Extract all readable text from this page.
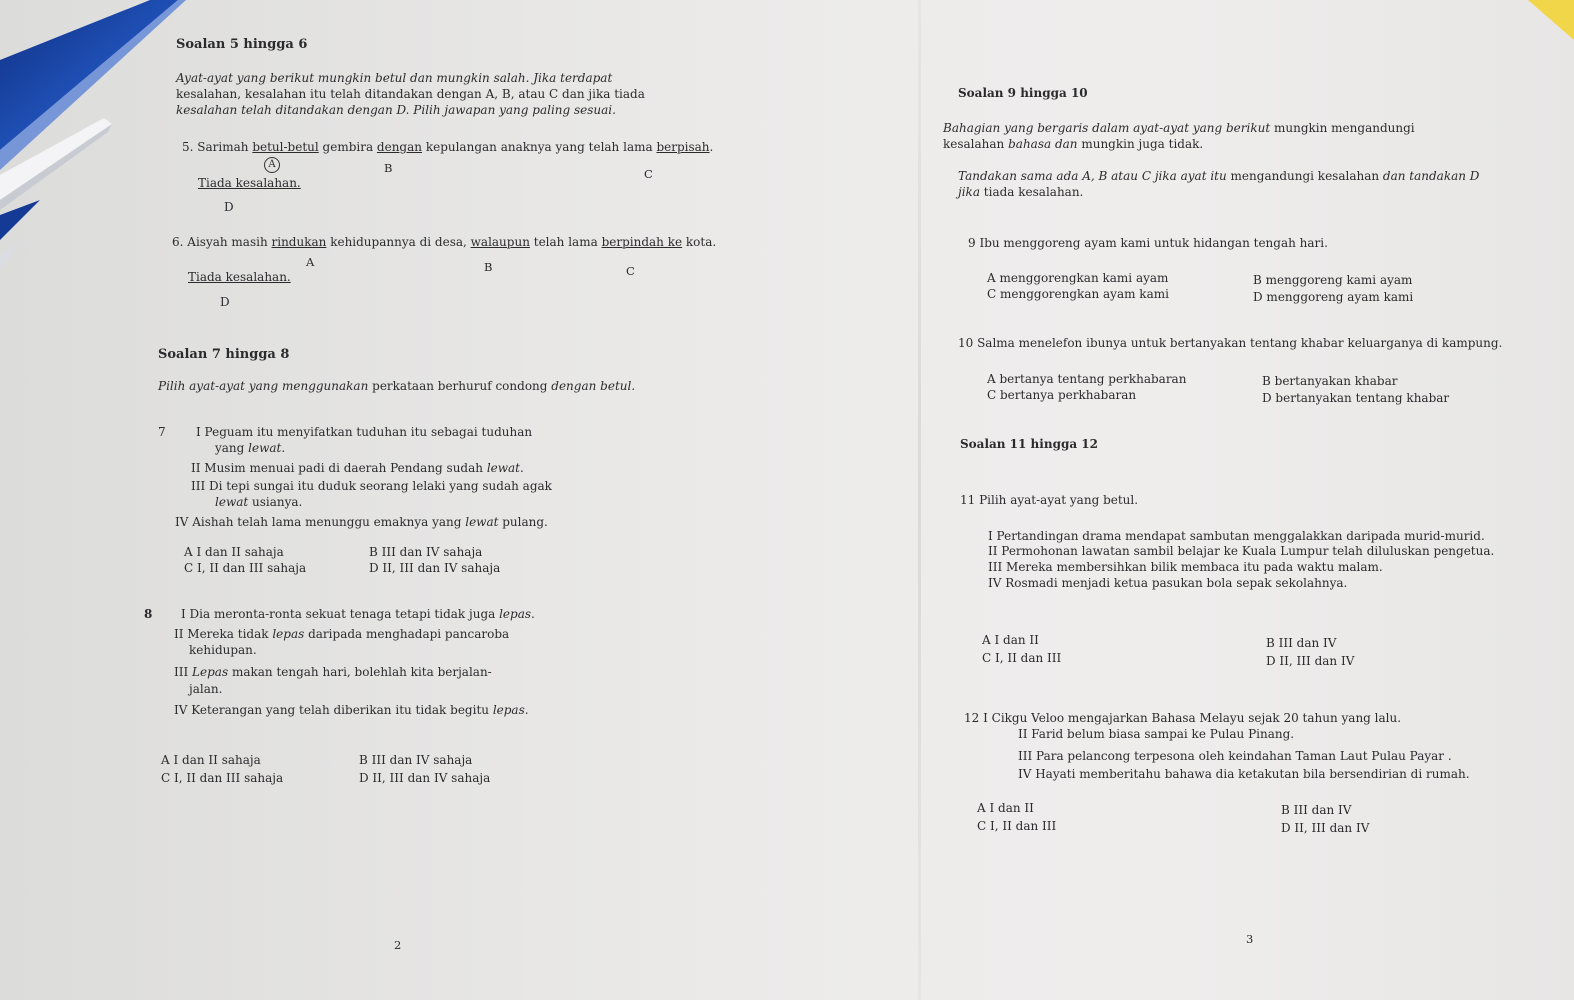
Soalan 5 hingga 6
Ayat-ayat yang berikut mungkin betul dan mungkin salah. Jika terdapat
kesalahan, kesalahan itu telah ditandakan dengan A, B, atau C dan jika tiada
kesalahan telah ditandakan dengan D. Pilih jawapan yang paling sesuai.
5. Sarimah betul-betul gembira dengan kepulangan anaknya yang telah lama berpisah.
A	B	C
Tiada kesalahan.
D
6. Aisyah masih rindukan kehidupannya di desa, walaupun telah lama berpindah ke kota.
A	B	C
Tiada kesalahan.
D
Soalan 7 hingga 8
Pilih ayat-ayat yang menggunakan perkataan berhuruf condong dengan betul.
7	I Peguam itu menyifatkan tuduhan itu sebagai tuduhan
yang lewat.
II Musim menuai padi di daerah Pendang sudah lewat.
III Di tepi sungai itu duduk seorang lelaki yang sudah agak
lewat usianya.
IV Aishah telah lama menunggu emaknya yang lewat pulang.
A I dan II sahaja	B III dan IV sahaja
C I, II dan III sahaja	D II, III dan IV sahaja
8 I Dia meronta-ronta sekuat tenaga tetapi tidak juga lepas.
II Mereka tidak lepas daripada menghadapi pancaroba
kehidupan.
III Lepas makan tengah hari, bolehlah kita berjalan-
jalan.
IV Keterangan yang telah diberikan itu tidak begitu lepas.
A I dan II sahaja	B III dan IV sahaja
C I, II dan III sahaja	D II, III dan IV sahaja
2
Soalan 9 hingga 10
Bahagian yang bergaris dalam ayat-ayat yang berikut mungkin mengandungi
kesalahan bahasa dan mungkin juga tidak.
Tandakan sama ada A, B atau C jika ayat itu mengandungi kesalahan dan tandakan D
jika tiada kesalahan.
9 Ibu menggoreng ayam kami untuk hidangan tengah hari.
A menggorengkan kami ayam	B menggoreng kami ayam
C menggorengkan ayam kami	D menggoreng ayam kami
10 Salma menelefon ibunya untuk bertanyakan tentang khabar keluarganya di kampung.
A bertanya tentang perkhabaran	B bertanyakan khabar
C bertanya perkhabaran	D bertanyakan tentang khabar
Soalan 11 hingga 12
11 Pilih ayat-ayat yang betul.
I Pertandingan drama mendapat sambutan menggalakkan daripada murid-murid.
II Permohonan lawatan sambil belajar ke Kuala Lumpur telah diluluskan pengetua.
III Mereka membersihkan bilik membaca itu pada waktu malam.
IV Rosmadi menjadi ketua pasukan bola sepak sekolahnya.
A I dan II	B III dan IV
C I, II dan III	D II, III dan IV
12 I Cikgu Veloo mengajarkan Bahasa Melayu sejak 20 tahun yang lalu.
II Farid belum biasa sampai ke Pulau Pinang.
III Para pelancong terpesona oleh keindahan Taman Laut Pulau Payar .
IV Hayati memberitahu bahawa dia ketakutan bila bersendirian di rumah.
A I dan II	B III dan IV
C I, II dan III	D II, III dan IV
3
